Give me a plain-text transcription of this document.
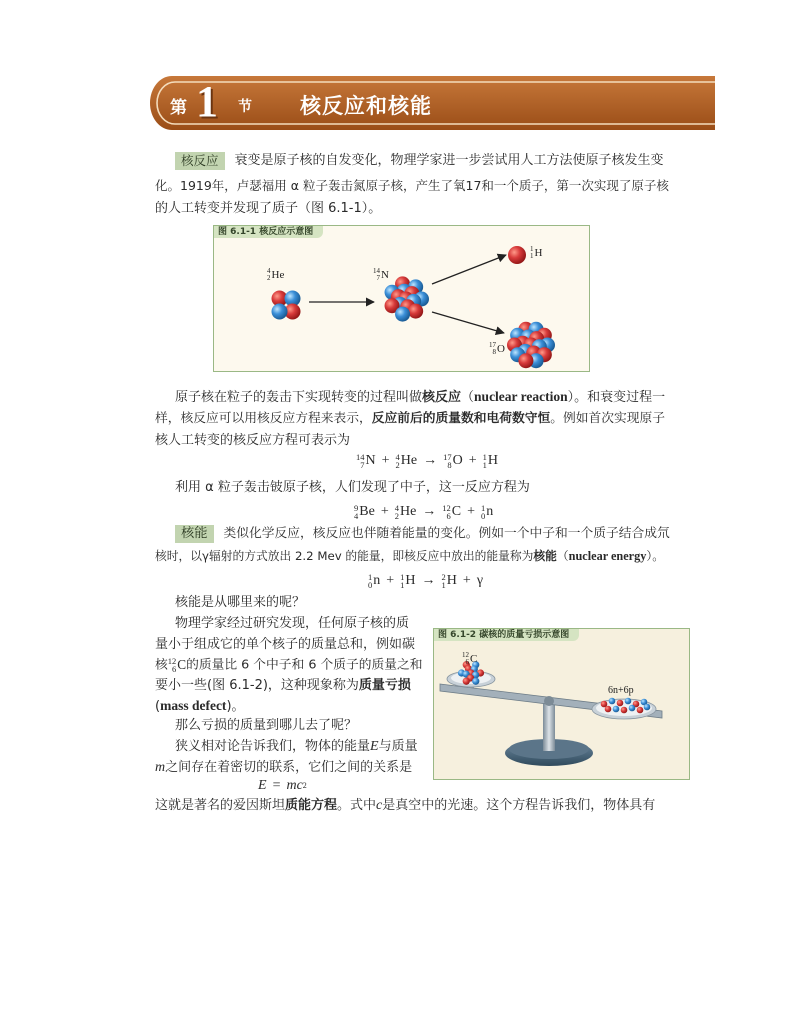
第 1 节 核反应和核能
核反应 衰变是原子核的自发变化，物理学家进一步尝试用人工方法使原子核发生变
化。1919年，卢瑟福用 α 粒子轰击氮原子核，产生了氧17和一个质子，第一次实现了原子核
的人工转变并发现了质子（图 6.1-1）。
图 6.1-1 核反应示意图
4
2 He	14
7 N
1
1 H
17
8 O
原子核在粒子的轰击下实现转变的过程叫做核反应（nuclear reaction）。和衰变过程一
样，核反应可以用核反应方程来表示，反应前后的质量数和电荷数守恒。例如首次实现原子
核人工转变的核反应方程可表示为
14
7 N + 4
2 He → 17
8 O + 1
1 H
利用 α 粒子轰击铍原子核，人们发现了中子，这一反应方程为
9
4 Be + 4
2 He → 12
6 C + 1
0 n
核能 类似化学反应，核反应也伴随着能量的变化。例如一个中子和一个质子结合成氘
核时，以γ辐射的方式放出 2.2 Mev 的能量，即核反应中放出的能量称为核能（nuclear energy）。
1
0 n + 1
1 H → 2
1 H + γ
核能是从哪里来的呢？
物理学家经过研究发现，任何原子核的质
量小于组成它的单个核子的质量总和，例如碳
核 12
6 C 的质量比 6 个中子和 6 个质子的质量之和
要小一些(图 6.1-2)，这种现象称为质量亏损
(mass defect)。
那么亏损的质量到哪儿去了呢？
狭义相对论告诉我们，物体的能量E与质量
m之间存在着密切的联系，它们之间的关系是
E = mc 2
这就是著名的爱因斯坦质能方程。式中c是真空中的光速。这个方程告诉我们，物体具有
图 6.1-2 碳核的质量亏损示意图
12
6 C
6n+6p
